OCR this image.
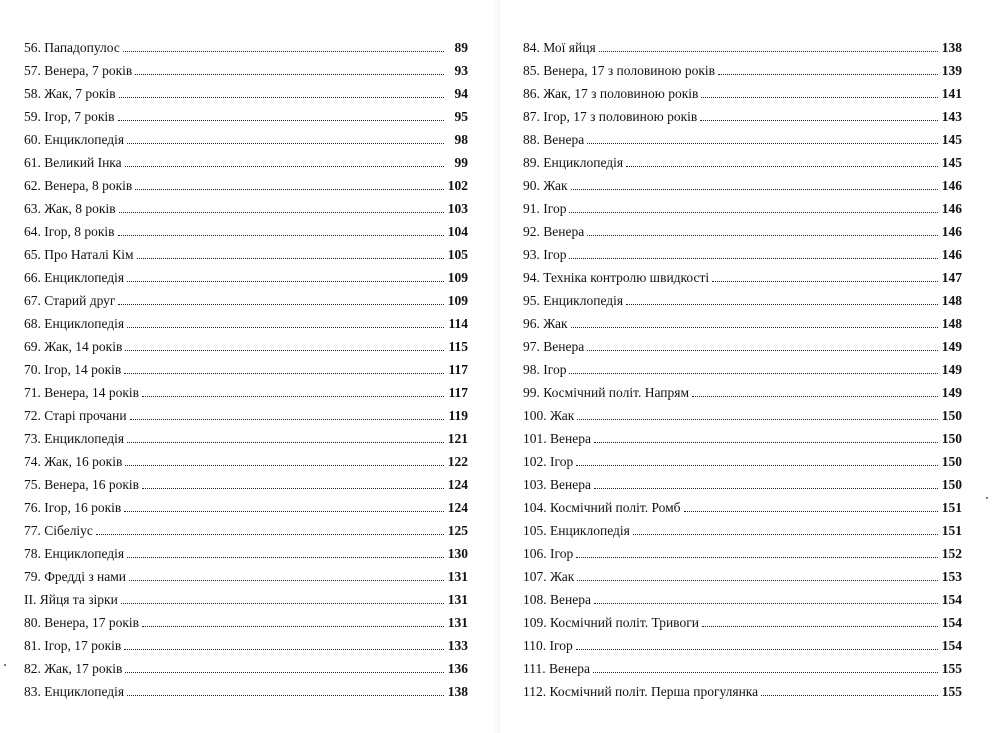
56. Пападопулос	89
57. Венера, 7 років	93
58. Жак, 7 років	94
59. Ігор, 7 років	95
60. Енциклопедія	98
61. Великий Інка	99
62. Венера, 8 років	102
63. Жак, 8 років	103
64. Ігор, 8 років	104
65. Про Наталі Кім	105
66. Енциклопедія	109
67. Старий друг	109
68. Енциклопедія	114
69. Жак, 14 років	115
70. Ігор, 14 років	117
71. Венера, 14 років	117
72. Старі прочани	119
73. Енциклопедія	121
74. Жак, 16 років	122
75. Венера, 16 років	124
76. Ігор, 16 років	124
77. Сібеліус	125
78. Енциклопедія	130
79. Фредді з нами	131
ІІ. Яйця та зірки	131
80. Венера, 17 років	131
81. Ігор, 17 років	133
82. Жак, 17 років	136
83. Енциклопедія	138
84. Мої яйця	138
85. Венера, 17 з половиною років	139
86. Жак, 17 з половиною років	141
87. Ігор, 17 з половиною років	143
88. Венера	145
89. Енциклопедія	145
90. Жак	146
91. Ігор	146
92. Венера	146
93. Ігор	146
94. Техніка контролю швидкості	147
95. Енциклопедія	148
96. Жак	148
97. Венера	149
98. Ігор	149
99. Космічний політ. Напрям	149
100. Жак	150
101. Венера	150
102. Ігор	150
103. Венера	150
104. Космічний політ. Ромб	151
105. Енциклопедія	151
106. Ігор	152
107. Жак	153
108. Венера	154
109. Космічний політ. Тривоги	154
110. Ігор	154
111. Венера	155
112. Космічний політ. Перша прогулянка	155
